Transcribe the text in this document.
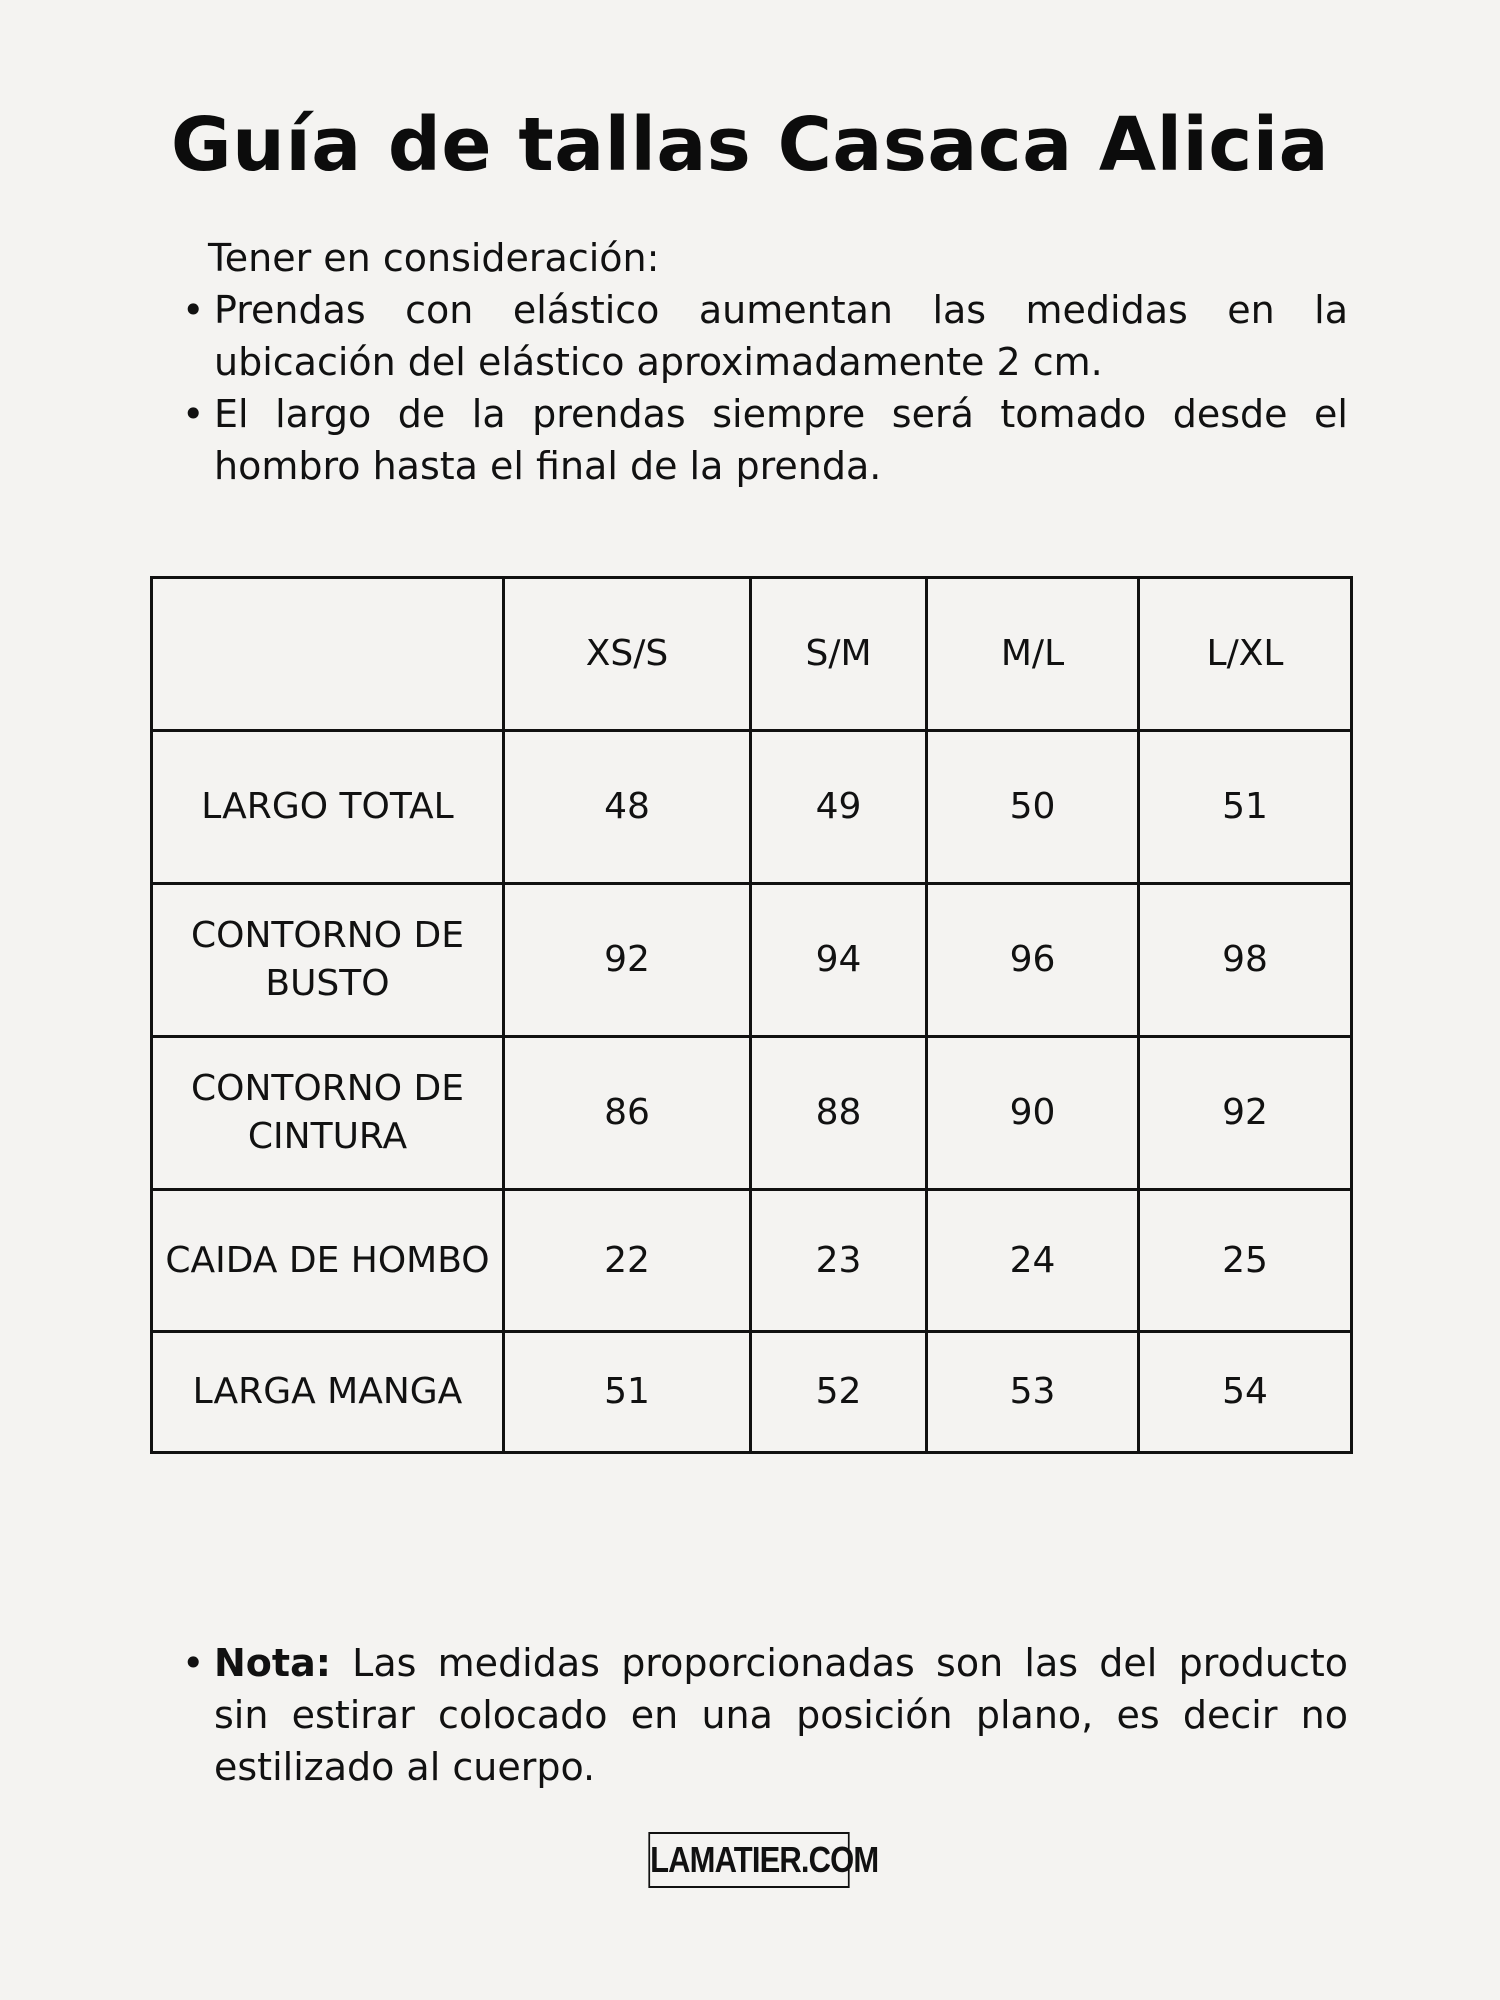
Guía de tallas Casaca Alicia

Tener en consideración:

• Prendas con elástico aumentan las medidas en la ubicación del elástico aproximadamente 2 cm.
• El largo de la prendas siempre será tomado desde el hombro hasta el final de la prenda.
	XS/S	S/M	M/L	L/XL
LARGO TOTAL	48	49	50	51
CONTORNO DE BUSTO	92	94	96	98
CONTORNO DE CINTURA	86	88	90	92
CAIDA DE HOMBO	22	23	24	25
LARGA MANGA	51	52	53	54
• Nota: Las medidas proporcionadas son las del producto sin estirar colocado en una posición plano, es decir no estilizado al cuerpo.
LAMATIER.COM
